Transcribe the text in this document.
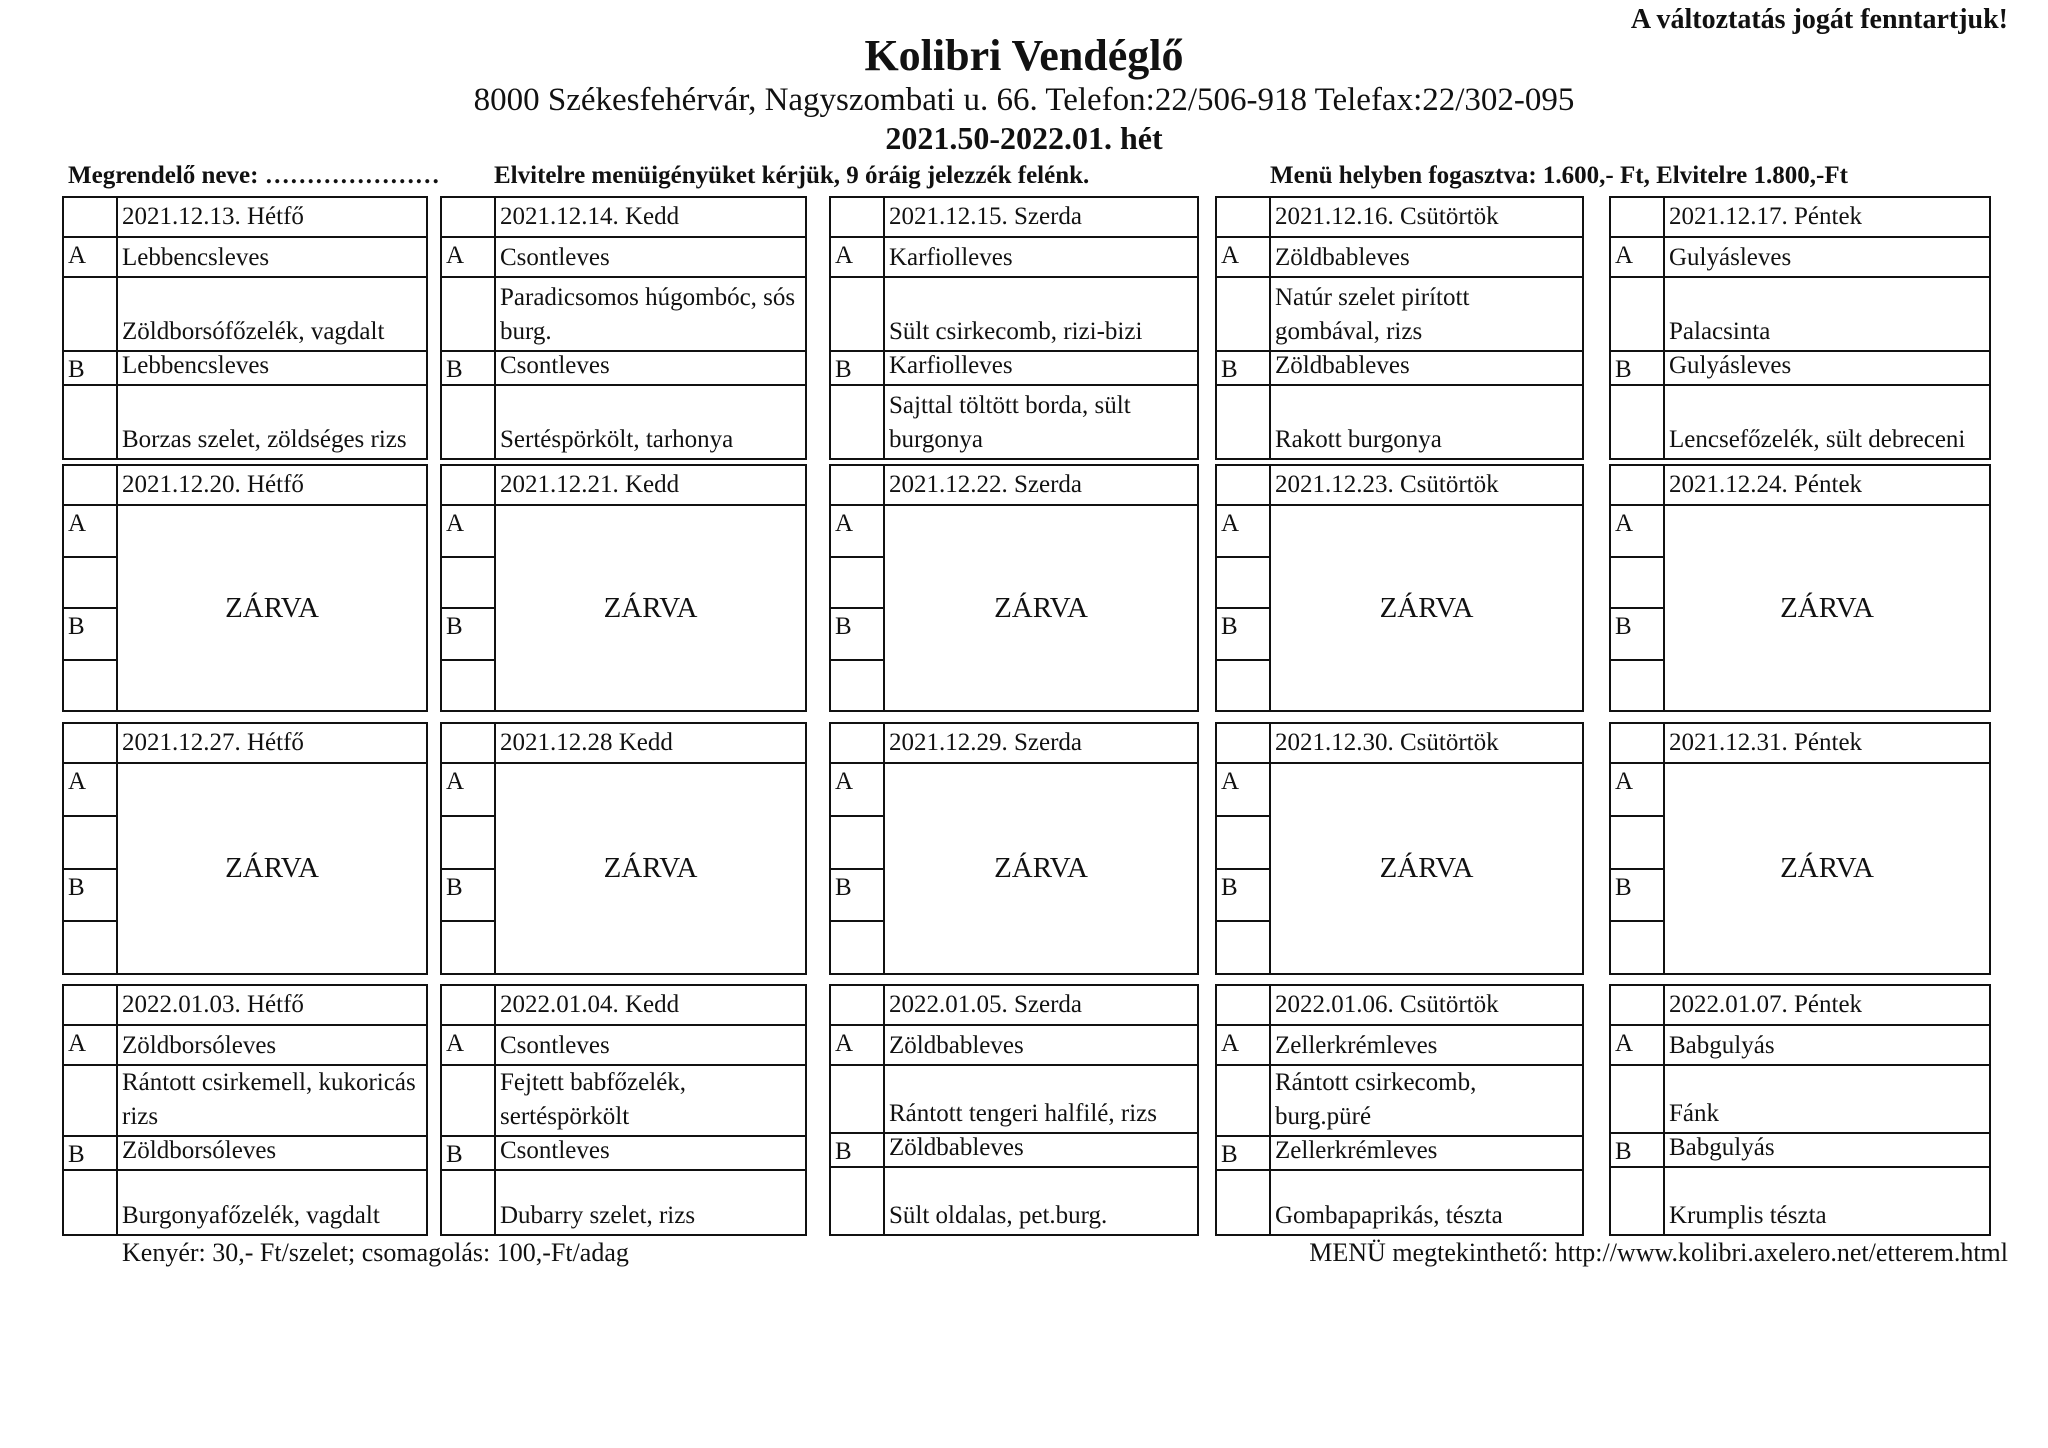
A változtatás jogát fenntartjuk!
Kolibri Vendéglő
8000 Székesfehérvár, Nagyszombati u. 66. Telefon:22/506-918 Telefax:22/302-095
2021.50-2022.01. hét
Megrendelő neve: ………………… Elvitelre menüigényüket kérjük, 9 óráig jelezzék felénk.	Menü helyben fogasztva: 1.600,- Ft, Elvitelre 1.800,-Ft
2021.12.13. Hétfő
A	Lebbencsleves
Zöldborsófőzelék, vagdalt
B	Lebbencsleves
Borzas szelet, zöldséges rizs
2021.12.14. Kedd
A	Csontleves
Paradicsomos húgombóc, sós burg.
B	Csontleves
Sertéspörkölt, tarhonya
2021.12.15. Szerda
A	Karfiolleves
Sült csirkecomb, rizi-bizi
B	Karfiolleves
Sajttal töltött borda, sült burgonya
2021.12.16. Csütörtök
A	Zöldbableves
Natúr szelet pirított gombával, rizs
B	Zöldbableves
Rakott burgonya
2021.12.17. Péntek
A	Gulyásleves
Palacsinta
B	Gulyásleves
Lencsefőzelék, sült debreceni
2021.12.20. Hétfő
A
B
ZÁRVA
2021.12.21. Kedd
A
B
ZÁRVA
2021.12.22. Szerda
A
B
ZÁRVA
2021.12.23. Csütörtök
A
B
ZÁRVA
2021.12.24. Péntek
A
B
ZÁRVA
2021.12.27. Hétfő
A
B
ZÁRVA
2021.12.28 Kedd
A
B
ZÁRVA
2021.12.29. Szerda
A
B
ZÁRVA
2021.12.30. Csütörtök
A
B
ZÁRVA
2021.12.31. Péntek
A
B
ZÁRVA
2022.01.03. Hétfő
A	Zöldborsóleves
Rántott csirkemell, kukoricás rizs
B	Zöldborsóleves
Burgonyafőzelék, vagdalt
2022.01.04. Kedd
A	Csontleves
Fejtett babfőzelék, sertéspörkölt
B	Csontleves
Dubarry szelet, rizs
2022.01.05. Szerda
A	Zöldbableves
Rántott tengeri halfilé, rizs
B	Zöldbableves
Sült oldalas, pet.burg.
2022.01.06. Csütörtök
A	Zellerkrémleves
Rántott csirkecomb, burg.püré
B	Zellerkrémleves
Gombapaprikás, tészta
2022.01.07. Péntek
A	Babgulyás
Fánk
B	Babgulyás
Krumplis tészta
Kenyér: 30,- Ft/szelet; csomagolás: 100,-Ft/adag	MENÜ megtekinthető: http://www.kolibri.axelero.net/etterem.html
